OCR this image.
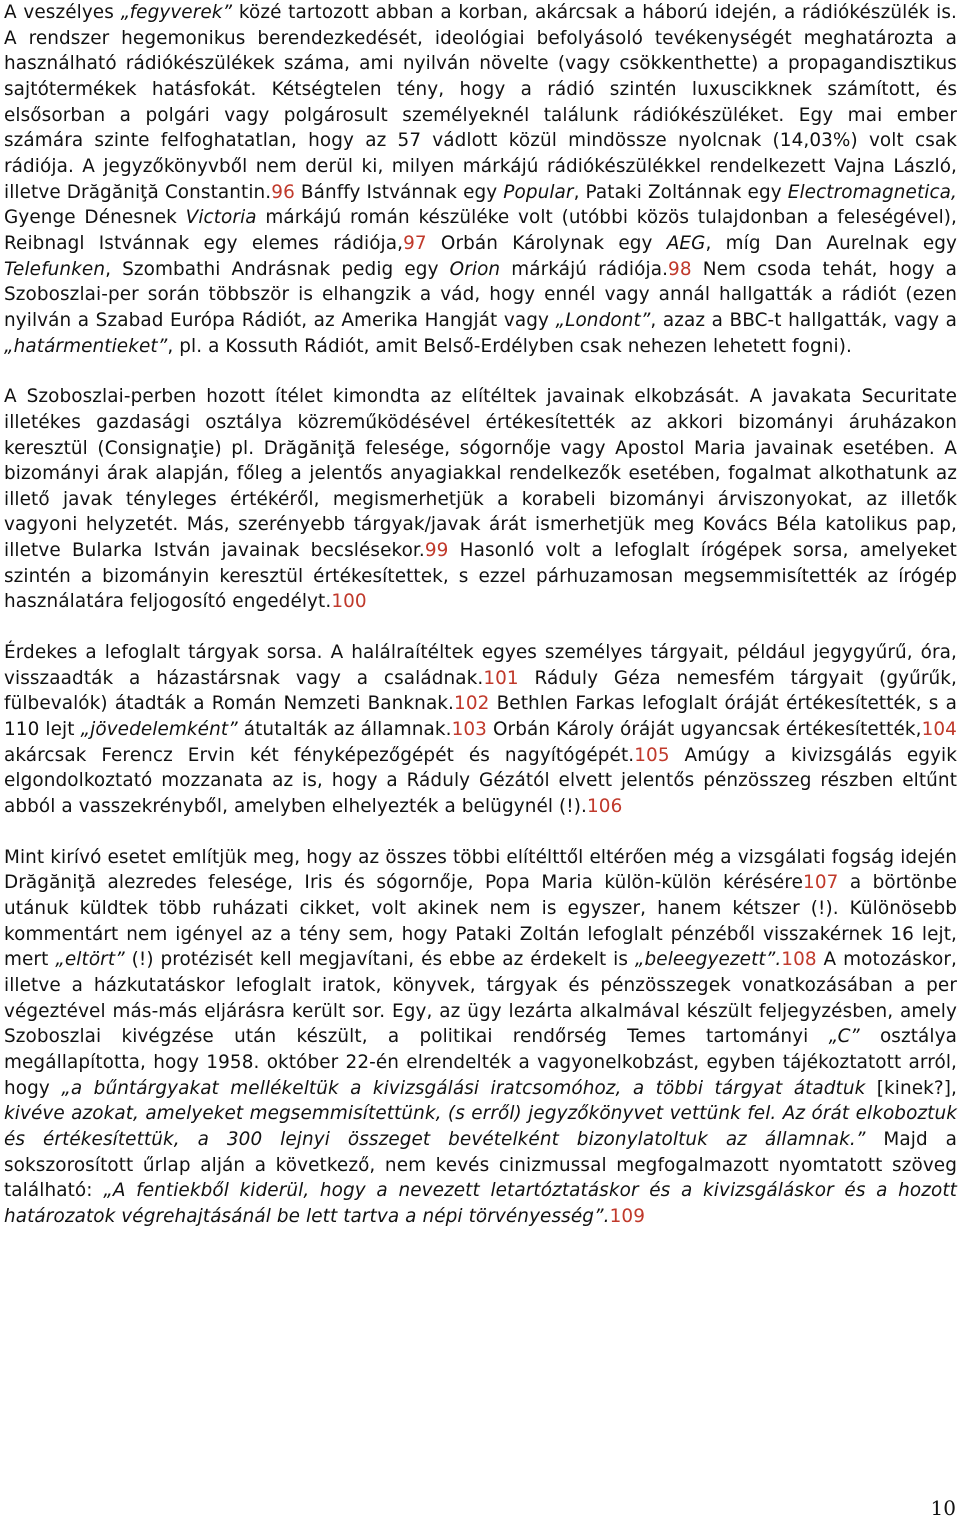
A veszélyes „fegyverek” közé tartozott abban a korban, akárcsak a háború idején, a rádiókészülék is. A rendszer hegemonikus berendezkedését, ideológiai befolyásoló tevékenységét meghatározta a használható rádiókészülékek száma, ami nyilván növelte (vagy csökkenthette) a propagandisztikus sajtótermékek hatásfokát. Kétségtelen tény, hogy a rádió szintén luxuscikknek számított, és elsősorban a polgári vagy polgárosult személyeknél találunk rádiókészüléket. Egy mai ember számára szinte felfoghatatlan, hogy az 57 vádlott közül mindössze nyolcnak (14,03%) volt csak rádiója. A jegyzőkönyvből nem derül ki, milyen márkájú rádiókészülékkel rendelkezett Vajna László, illetve Drăgăniţă Constantin.96 Bánffy Istvánnak egy Popular, Pataki Zoltánnak egy Electromagnetica, Gyenge Dénesnek Victoria márkájú román készüléke volt (utóbbi közös tulajdonban a feleségével), Reibnagl Istvánnak egy elemes rádiója,97 Orbán Károlynak egy AEG, míg Dan Aurelnak egy Telefunken, Szombathi Andrásnak pedig egy Orion márkájú rádiója.98 Nem csoda tehát, hogy a Szoboszlai-per során többször is elhangzik a vád, hogy ennél vagy annál hallgatták a rádiót (ezen nyilván a Szabad Európa Rádiót, az Amerika Hangját vagy „Londont”, azaz a BBC-t hallgatták, vagy a „határmentieket”, pl. a Kossuth Rádiót, amit Belső-Erdélyben csak nehezen lehetett fogni).

A Szoboszlai-perben hozott ítélet kimondta az elítéltek javainak elkobzását. A javakata Securitate illetékes gazdasági osztálya közreműködésével értékesítették az akkori bizományi áruházakon keresztül (Consignaţie) pl. Drăgăniţă felesége, sógornője vagy Apostol Maria javainak esetében. A bizományi árak alapján, főleg a jelentős anyagiakkal rendelkezők esetében, fogalmat alkothatunk az illető javak tényleges értékéről, megismerhetjük a korabeli bizományi árviszonyokat, az illetők vagyoni helyzetét. Más, szerényebb tárgyak/javak árát ismerhetjük meg Kovács Béla katolikus pap, illetve Bularka István javainak becslésekor.99 Hasonló volt a lefoglalt írógépek sorsa, amelyeket szintén a bizományin keresztül értékesítettek, s ezzel párhuzamosan megsemmisítették az írógép használatára feljogosító engedélyt.100

Érdekes a lefoglalt tárgyak sorsa. A halálraítéltek egyes személyes tárgyait, például jegygyűrű, óra, visszaadták a házastársnak vagy a családnak.101 Ráduly Géza nemesfém tárgyait (gyűrűk, fülbevalók) átadták a Román Nemzeti Banknak.102 Bethlen Farkas lefoglalt óráját értékesítették, s a 110 lejt „jövedelemként” átutalták az államnak.103 Orbán Károly óráját ugyancsak értékesítették,104 akárcsak Ferencz Ervin két fényképezőgépét és nagyítógépét.105 Amúgy a kivizsgálás egyik elgondolkoztató mozzanata az is, hogy a Ráduly Gézától elvett jelentős pénzösszeg részben eltűnt abból a vasszekrényből, amelyben elhelyezték a belügynél (!).106

Mint kirívó esetet említjük meg, hogy az összes többi elítélttől eltérően még a vizsgálati fogság idején Drăgăniţă alezredes felesége, Iris és sógornője, Popa Maria külön-külön kérésére107 a börtönbe utánuk küldtek több ruházati cikket, volt akinek nem is egyszer, hanem kétszer (!). Különösebb kommentárt nem igényel az a tény sem, hogy Pataki Zoltán lefoglalt pénzéből visszakérnek 16 lejt, mert „eltört” (!) protézisét kell megjavítani, és ebbe az érdekelt is „beleegyezett”.108 A motozáskor, illetve a házkutatáskor lefoglalt iratok, könyvek, tárgyak és pénzösszegek vonatkozásában a per végeztével más-más eljárásra került sor. Egy, az ügy lezárta alkalmával készült feljegyzésben, amely Szoboszlai kivégzése után készült, a politikai rendőrség Temes tartományi „C” osztálya megállapította, hogy 1958. október 22-én elrendelték a vagyonelkobzást, egyben tájékoztatott arról, hogy „a bűntárgyakat mellékeltük a kivizsgálási iratcsomóhoz, a többi tárgyat átadtuk [kinek?], kivéve azokat, amelyeket megsemmisítettünk, (s erről) jegyzőkönyvet vettünk fel. Az órát elkoboztuk és értékesítettük, a 300 lejnyi összeget bevételként bizonylatoltuk az államnak.” Majd a sokszorosított űrlap alján a következő, nem kevés cinizmussal megfogalmazott nyomtatott szöveg található: „A fentiekből kiderül, hogy a nevezett letartóztatáskor és a kivizsgáláskor és a hozott határozatok végrehajtásánál be lett tartva a népi törvényesség”.109

10
